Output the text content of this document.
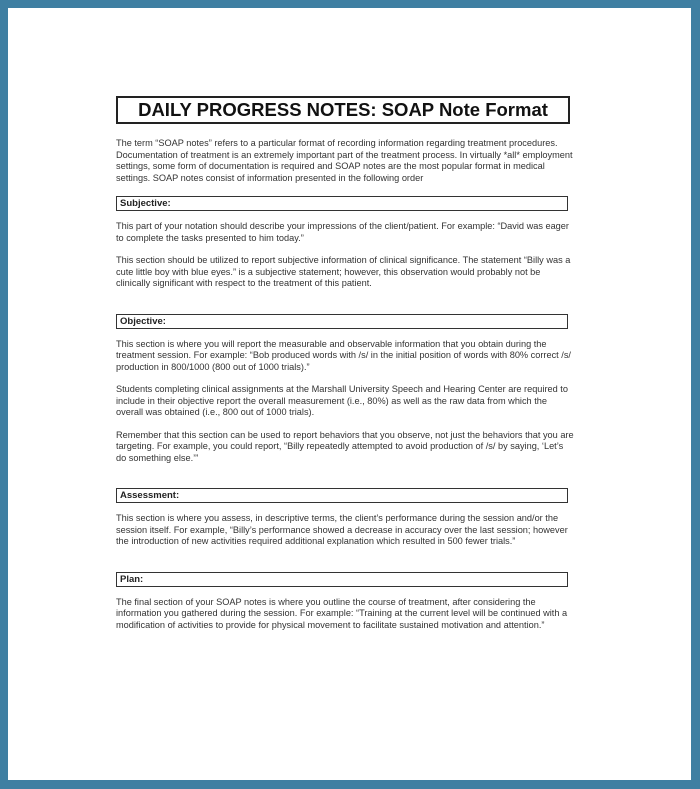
DAILY PROGRESS NOTES: SOAP Note Format

The term “SOAP notes” refers to a particular format of recording information regarding treatment procedures. Documentation of treatment is an extremely important part of the treatment process. In virtually *all* employment settings, some form of documentation is required and SOAP notes are the most popular format in medical settings. SOAP notes consist of information presented in the following order

Subjective:

This part of your notation should describe your impressions of the client/patient. For example: “David was eager to complete the tasks presented to him today.”

This section should be utilized to report subjective information of clinical significance. The statement “Billy was a cute little boy with blue eyes.” is a subjective statement; however, this observation would probably not be clinically significant with respect to the treatment of this patient.

Objective:

This section is where you will report the measurable and observable information that you obtain during the treatment session. For example: “Bob produced words with /s/ in the initial position of words with 80% correct /s/ production in 800/1000 (800 out of 1000 trials).”

Students completing clinical assignments at the Marshall University Speech and Hearing Center are required to include in their objective report the overall measurement (i.e., 80%) as well as the raw data from which the overall was obtained (i.e., 800 out of 1000 trials).

Remember that this section can be used to report behaviors that you observe, not just the behaviors that you are targeting. For example, you could report, “Billy repeatedly attempted to avoid production of /s/ by saying, ‘Let’s do something else.’”

Assessment:

This section is where you assess, in descriptive terms, the client’s performance during the session and/or the session itself. For example, “Billy’s performance showed a decrease in accuracy over the last session; however the introduction of new activities required additional explanation which resulted in 500 fewer trials.”

Plan:

The final section of your SOAP notes is where you outline the course of treatment, after considering the information you gathered during the session. For example: “Training at the current level will be continued with a modification of activities to provide for physical movement to facilitate sustained motivation and attention.”
